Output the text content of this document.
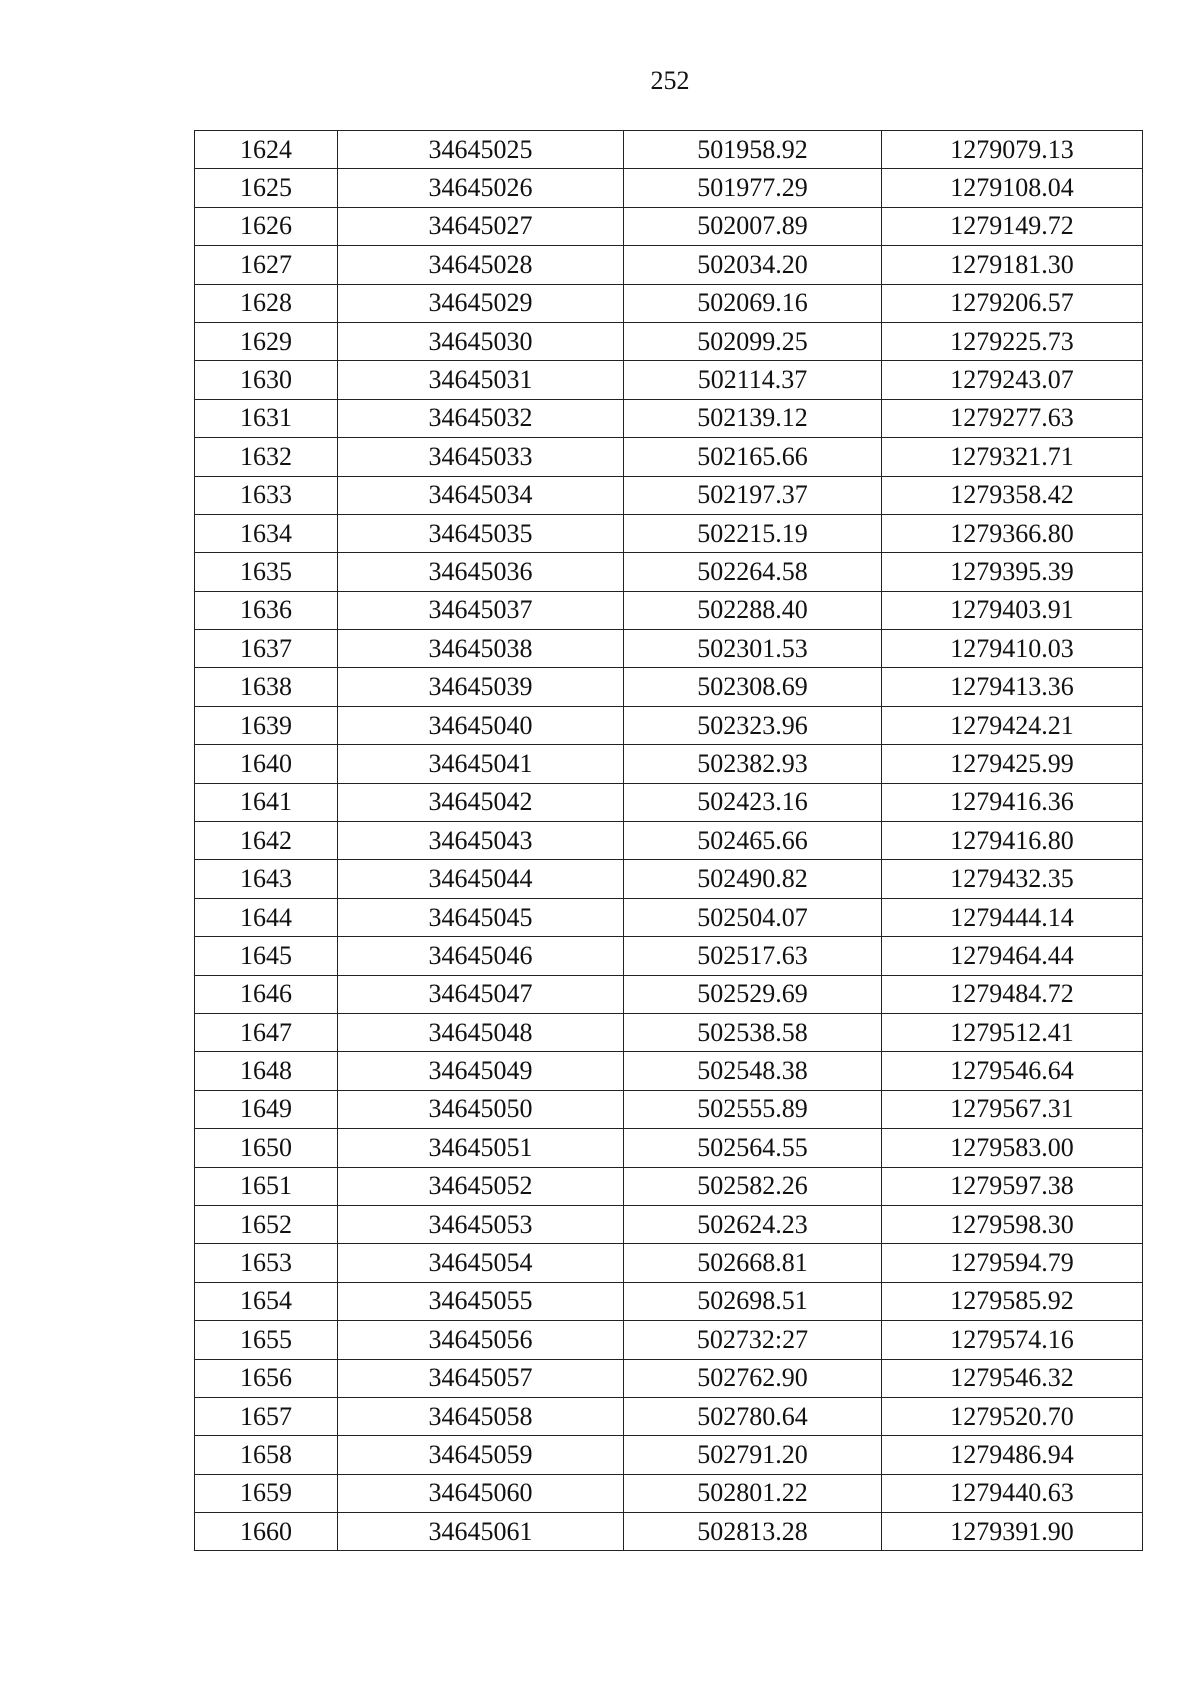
252
1624	34645025	501958.92	1279079.13
1625	34645026	501977.29	1279108.04
1626	34645027	502007.89	1279149.72
1627	34645028	502034.20	1279181.30
1628	34645029	502069.16	1279206.57
1629	34645030	502099.25	1279225.73
1630	34645031	502114.37	1279243.07
1631	34645032	502139.12	1279277.63
1632	34645033	502165.66	1279321.71
1633	34645034	502197.37	1279358.42
1634	34645035	502215.19	1279366.80
1635	34645036	502264.58	1279395.39
1636	34645037	502288.40	1279403.91
1637	34645038	502301.53	1279410.03
1638	34645039	502308.69	1279413.36
1639	34645040	502323.96	1279424.21
1640	34645041	502382.93	1279425.99
1641	34645042	502423.16	1279416.36
1642	34645043	502465.66	1279416.80
1643	34645044	502490.82	1279432.35
1644	34645045	502504.07	1279444.14
1645	34645046	502517.63	1279464.44
1646	34645047	502529.69	1279484.72
1647	34645048	502538.58	1279512.41
1648	34645049	502548.38	1279546.64
1649	34645050	502555.89	1279567.31
1650	34645051	502564.55	1279583.00
1651	34645052	502582.26	1279597.38
1652	34645053	502624.23	1279598.30
1653	34645054	502668.81	1279594.79
1654	34645055	502698.51	1279585.92
1655	34645056	502732:27	1279574.16
1656	34645057	502762.90	1279546.32
1657	34645058	502780.64	1279520.70
1658	34645059	502791.20	1279486.94
1659	34645060	502801.22	1279440.63
1660	34645061	502813.28	1279391.90
